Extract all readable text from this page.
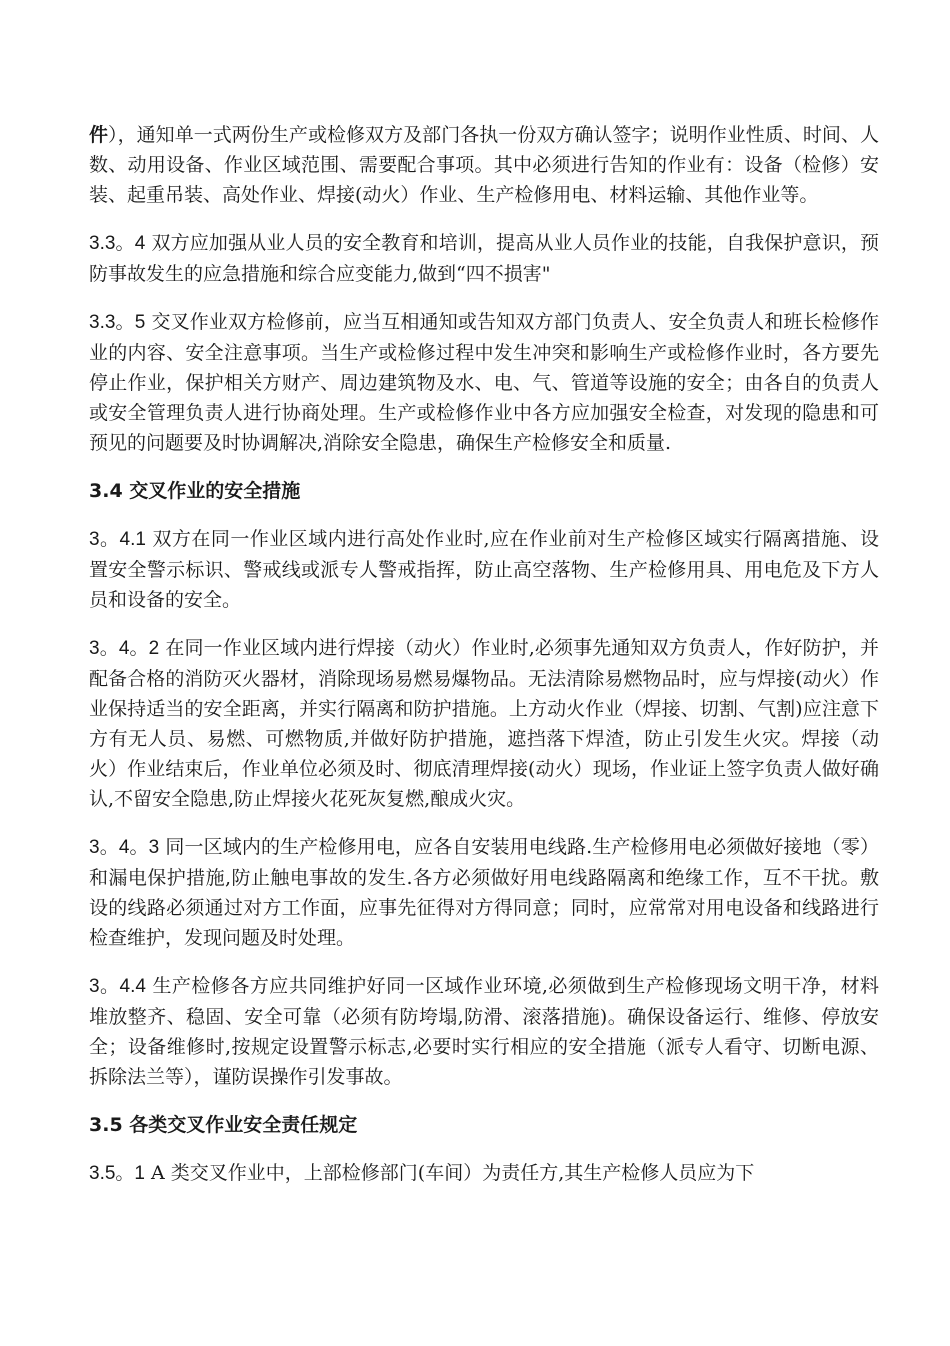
件），通知单一式两份生产或检修双方及部门各执一份双方确认签字；说明作业性质、时间、人数、动用设备、作业区域范围、需要配合事项。其中必须进行告知的作业有：设备（检修）安装、起重吊装、高处作业、焊接(动火）作业、生产检修用电、材料运输、其他作业等。

3.3。4 双方应加强从业人员的安全教育和培训，提高从业人员作业的技能，自我保护意识，预防事故发生的应急措施和综合应变能力,做到“四不损害"

3.3。5 交叉作业双方检修前，应当互相通知或告知双方部门负责人、安全负责人和班长检修作业的内容、安全注意事项。当生产或检修过程中发生冲突和影响生产或检修作业时，各方要先停止作业，保护相关方财产、周边建筑物及水、电、气、管道等设施的安全；由各自的负责人或安全管理负责人进行协商处理。生产或检修作业中各方应加强安全检查，对发现的隐患和可预见的问题要及时协调解决,消除安全隐患，确保生产检修安全和质量.

3.4 交叉作业的安全措施

3。4.1 双方在同一作业区域内进行高处作业时,应在作业前对生产检修区域实行隔离措施、设置安全警示标识、警戒线或派专人警戒指挥，防止高空落物、生产检修用具、用电危及下方人员和设备的安全。

3。4。2 在同一作业区域内进行焊接（动火）作业时,必须事先通知双方负责人，作好防护，并配备合格的消防灭火器材，消除现场易燃易爆物品。无法清除易燃物品时，应与焊接(动火）作业保持适当的安全距离，并实行隔离和防护措施。上方动火作业（焊接、切割、气割)应注意下方有无人员、易燃、可燃物质,并做好防护措施，遮挡落下焊渣，防止引发生火灾。焊接（动火）作业结束后，作业单位必须及时、彻底清理焊接(动火）现场，作业证上签字负责人做好确认,不留安全隐患,防止焊接火花死灰复燃,酿成火灾。

3。4。3 同一区域内的生产检修用电，应各自安装用电线路.生产检修用电必须做好接地（零）和漏电保护措施,防止触电事故的发生.各方必须做好用电线路隔离和绝缘工作，互不干扰。敷设的线路必须通过对方工作面，应事先征得对方得同意；同时，应常常对用电设备和线路进行检查维护，发现问题及时处理。

3。4.4 生产检修各方应共同维护好同一区域作业环境,必须做到生产检修现场文明干净，材料堆放整齐、稳固、安全可靠（必须有防垮塌,防滑、滚落措施)。确保设备运行、维修、停放安全；设备维修时,按规定设置警示标志,必要时实行相应的安全措施（派专人看守、切断电源、拆除法兰等），谨防误操作引发事故。

3.5 各类交叉作业安全责任规定

3.5。1 A 类交叉作业中，上部检修部门(车间）为责任方,其生产检修人员应为下
